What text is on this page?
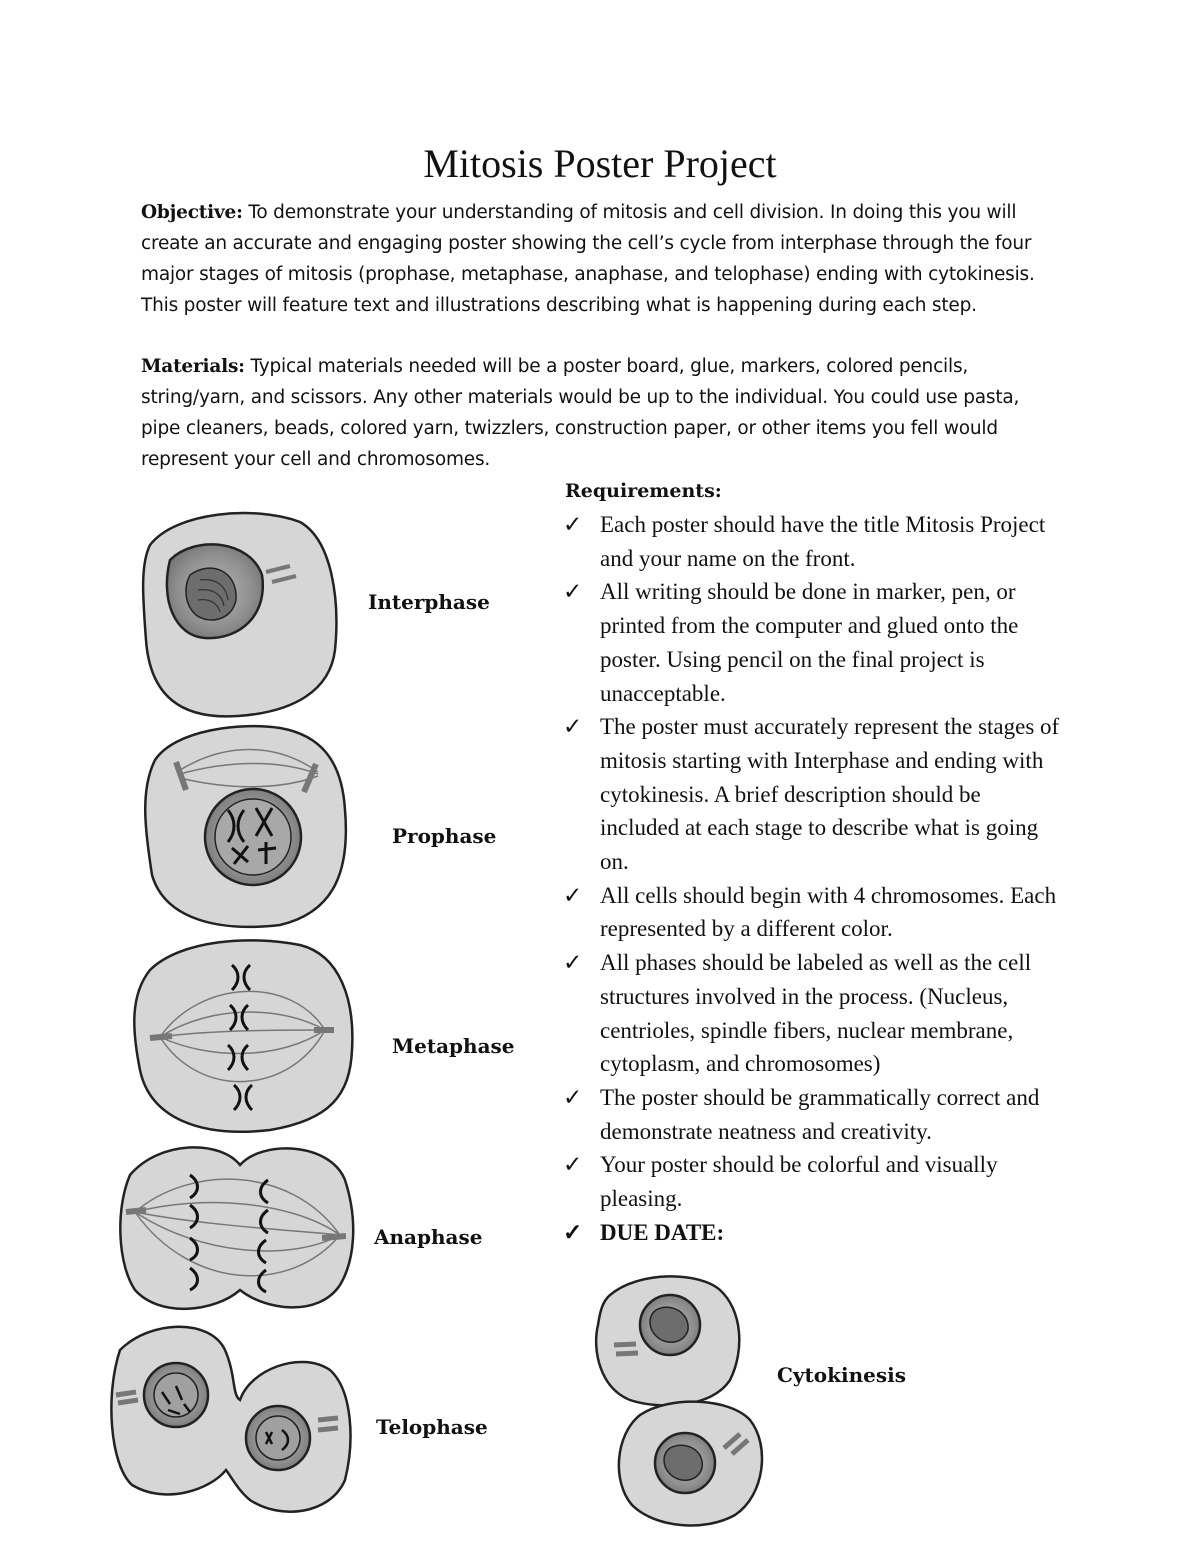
Mitosis Poster Project
Objective: To demonstrate your understanding of mitosis and cell division. In doing this you will create an accurate and engaging poster showing the cell’s cycle from interphase through the four major stages of mitosis (prophase, metaphase, anaphase, and telophase) ending with cytokinesis. This poster will feature text and illustrations describing what is happening during each step.
Materials: Typical materials needed will be a poster board, glue, markers, colored pencils, string/yarn, and scissors. Any other materials would be up to the individual. You could use pasta, pipe cleaners, beads, colored yarn, twizzlers, construction paper, or other items you fell would represent your cell and chromosomes.
Requirements:
✓ Each poster should have the title Mitosis Project and your name on the front.
✓ All writing should be done in marker, pen, or printed from the computer and glued onto the poster. Using pencil on the final project is unacceptable.
✓ The poster must accurately represent the stages of mitosis starting with Interphase and ending with cytokinesis. A brief description should be included at each stage to describe what is going on.
✓ All cells should begin with 4 chromosomes. Each represented by a different color.
✓ All phases should be labeled as well as the cell structures involved in the process. (Nucleus, centrioles, spindle fibers, nuclear membrane, cytoplasm, and chromosomes)
✓ The poster should be grammatically correct and demonstrate neatness and creativity.
✓ Your poster should be colorful and visually pleasing.
✓ DUE DATE:
Interphase
Prophase
Metaphase
Anaphase
Telophase
Cytokinesis
